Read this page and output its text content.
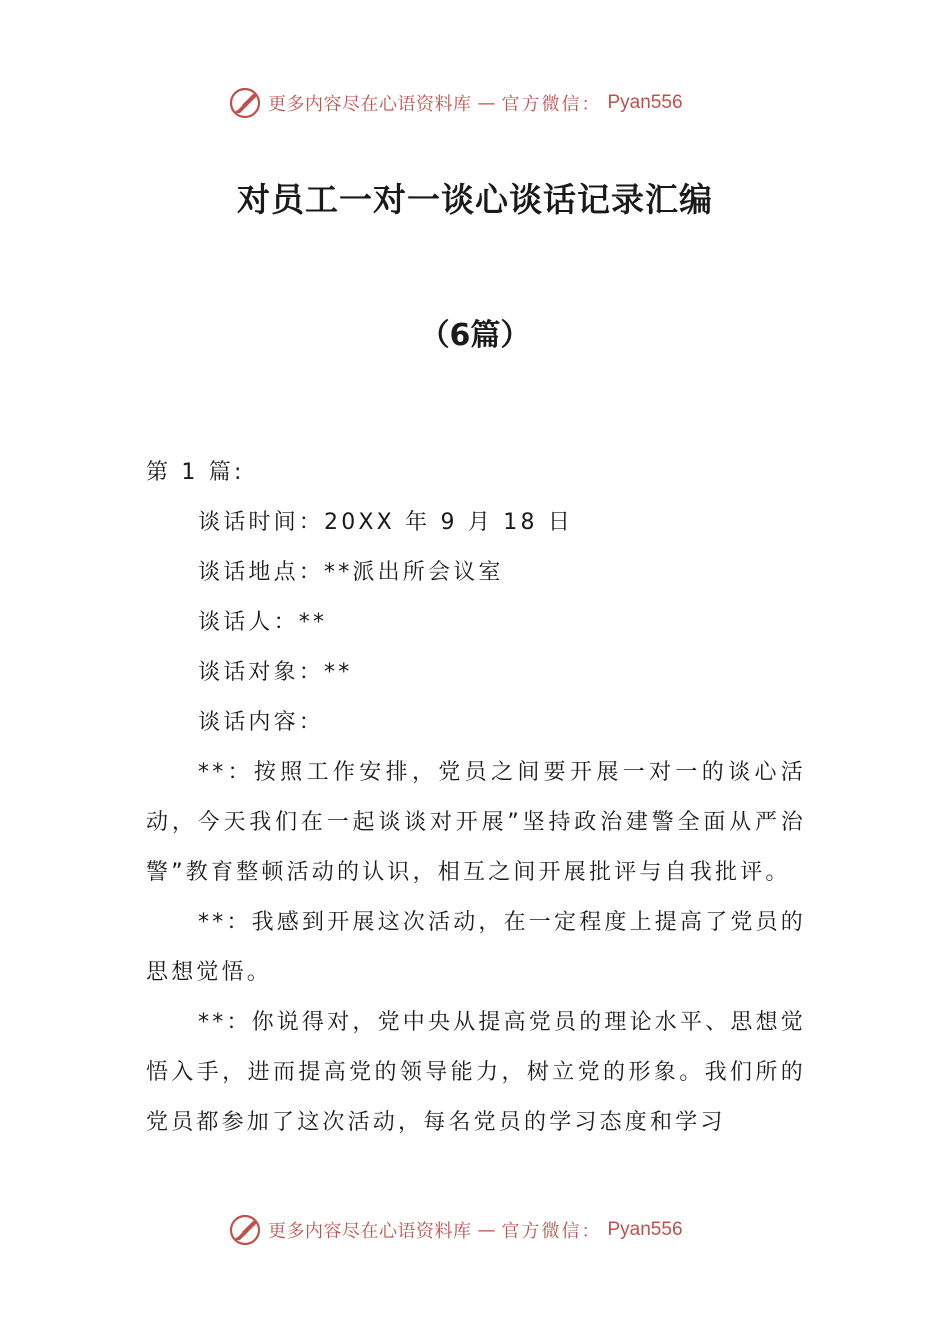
更多内容尽在心语资料库 — 官方微信： Pyan556
对员工一对一谈心谈话记录汇编
（6篇）

第 1 篇:

谈话时间：20XX 年 9 月 18 日

谈话地点：**派出所会议室

谈话人：**

谈话对象：**

谈话内容：

**：按照工作安排，党员之间要开展一对一的谈心活动，今天我们在一起谈谈对开展”坚持政治建警全面从严治警”教育整顿活动的认识，相互之间开展批评与自我批评。

**：我感到开展这次活动，在一定程度上提高了党员的思想觉悟。

**：你说得对，党中央从提高党员的理论水平、思想觉悟入手，进而提高党的领导能力，树立党的形象。我们所的党员都参加了这次活动，每名党员的学习态度和学习

更多内容尽在心语资料库 — 官方微信： Pyan556
